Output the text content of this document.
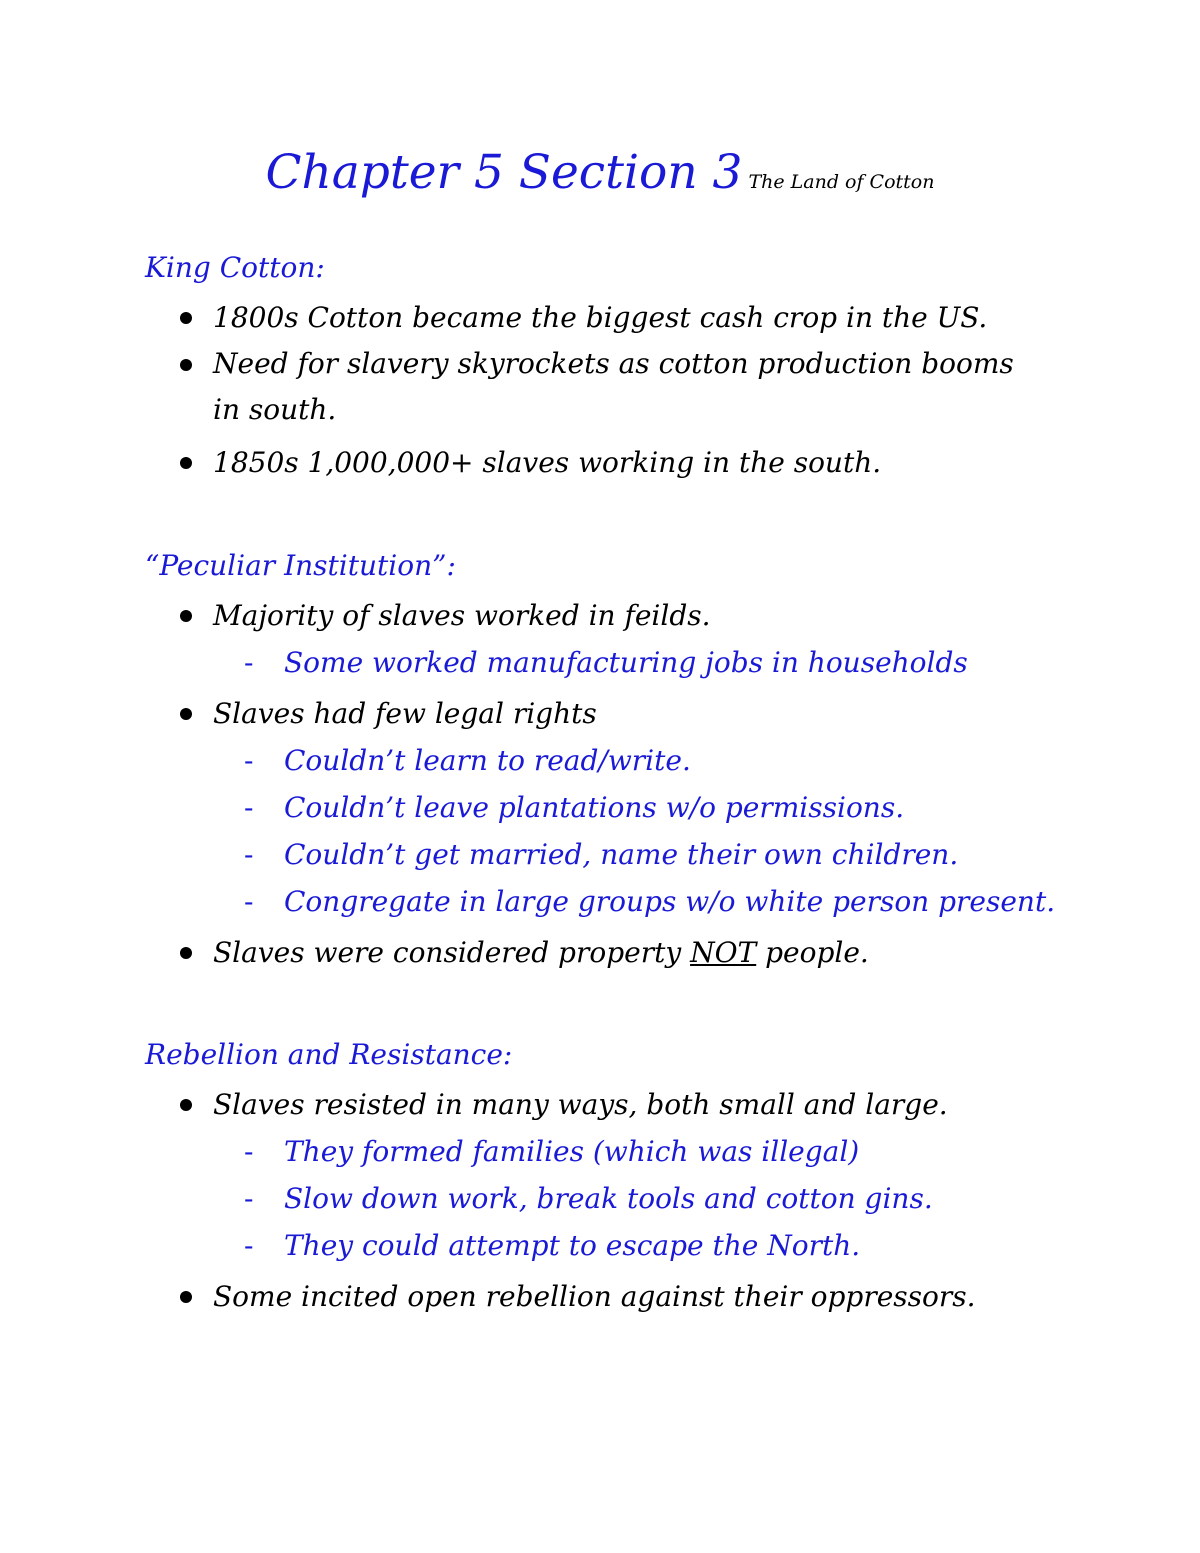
Chapter 5 Section 3 The Land of Cotton
King Cotton:
1800s Cotton became the biggest cash crop in the US.
Need for slavery skyrockets as cotton production booms in south.
1850s 1,000,000+ slaves working in the south.
“Peculiar Institution”:
Majority of slaves worked in feilds.
- Some worked manufacturing jobs in households
Slaves had few legal rights
- Couldn’t learn to read/write.
- Couldn’t leave plantations w/o permissions.
- Couldn’t get married, name their own children.
- Congregate in large groups w/o white person present.
Slaves were considered property NOT people.
Rebellion and Resistance:
Slaves resisted in many ways, both small and large.
- They formed families (which was illegal)
- Slow down work, break tools and cotton gins.
- They could attempt to escape the North.
Some incited open rebellion against their oppressors.
